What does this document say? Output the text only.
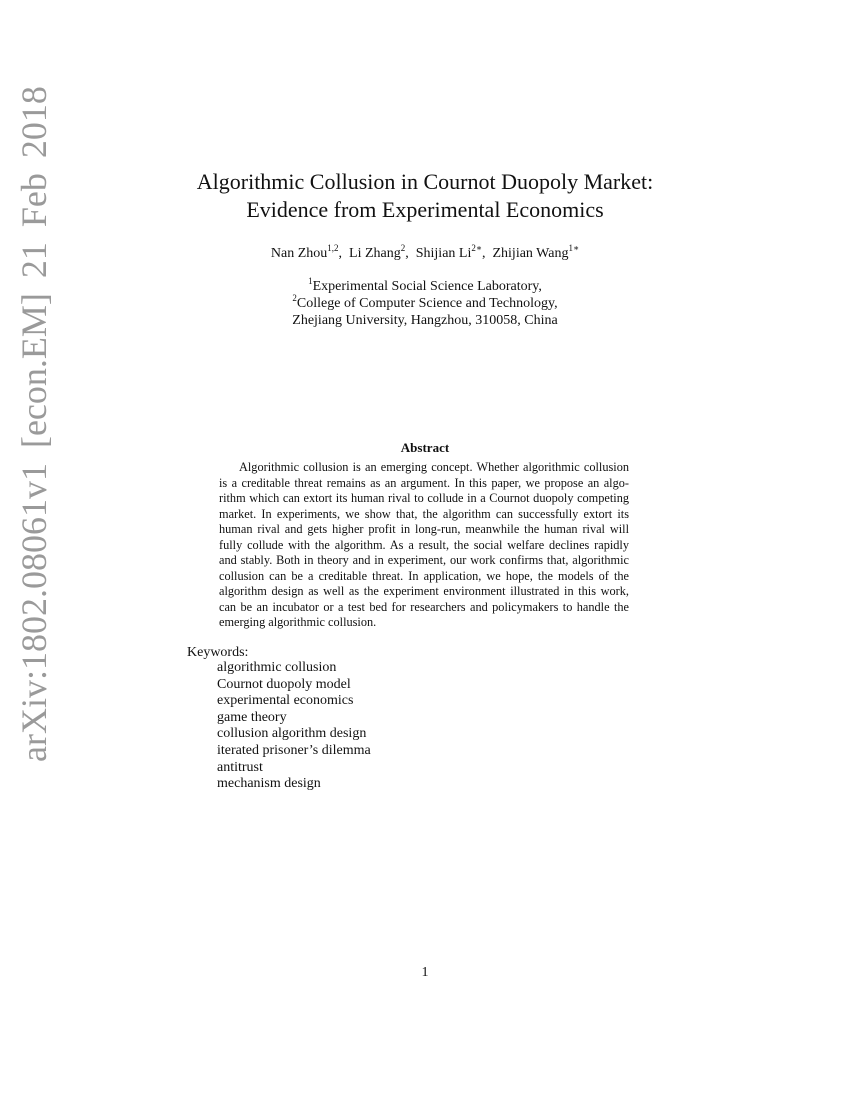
arXiv:1802.08061v1 [econ.EM] 21 Feb 2018	Algorithmic Collusion in Cournot Duopoly Market:
Evidence from Experimental Economics
Nan Zhou$^{1,2}$,  Li Zhang$^2$,  Shijian $Li^{2∗}$,  Zhijian Wang$^{1∗}$
$^1$Experimental Social Science Laboratory,
$^2$College of Computer Science and Technology,
Zhejiang University, Hangzhou, 310058, China
Abstract
Algorithmic collusion is an emerging concept. Whether algorithmic collusion
is a creditable threat remains as an argument. In this paper, we propose an algo-
rithm which can extort its human rival to collude in a Cournot duopoly competing
market. In experiments, we show that, the algorithm can successfully extort its
human rival and gets higher profit in long-run, meanwhile the human rival will
fully collude with the algorithm. As a result, the social welfare declines rapidly
and stably. Both in theory and in experiment, our work confirms that, algorithmic
collusion can be a creditable threat. In application, we hope, the models of the
algorithm design as well as the experiment environment illustrated in this work,
can be an incubator or a test bed for researchers and policymakers to handle the
emerging algorithmic collusion.
Keywords:
algorithmic collusion
Cournot duopoly model
experimental economics
game theory
collusion algorithm design
iterated prisoner’s dilemma
antitrust
mechanism design
1
